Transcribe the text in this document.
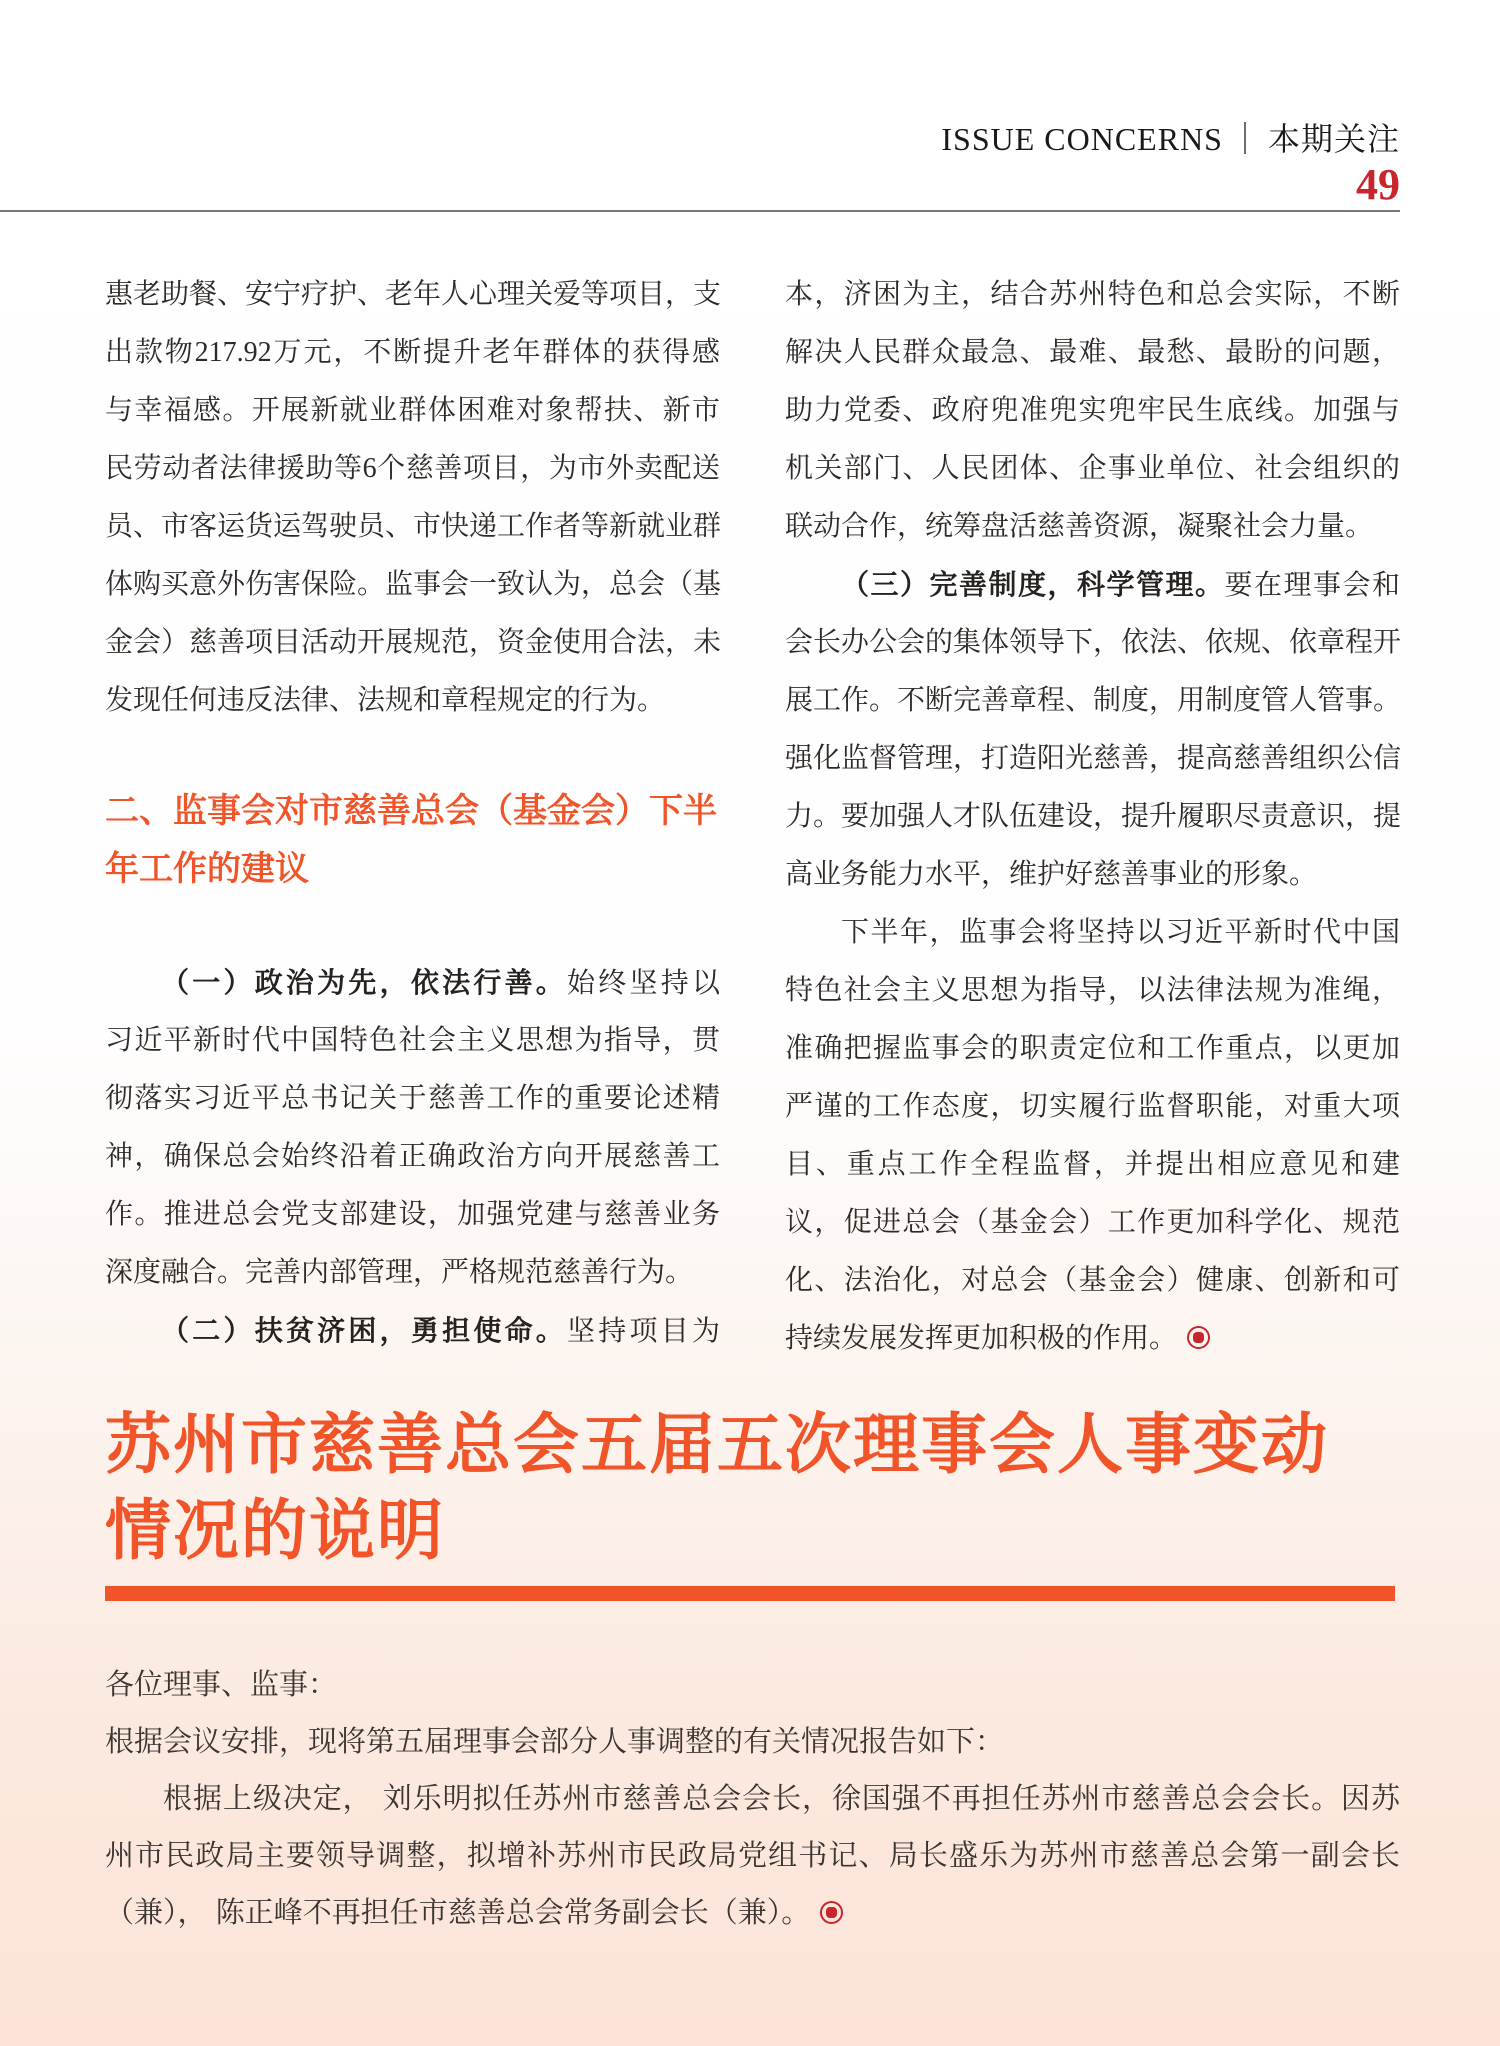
ISSUE CONCERNS ｜ 本期关注
49
惠老助餐、安宁疗护、老年人心理关爱等项目，支
出款物217.92万元，不断提升老年群体的获得感
与幸福感。开展新就业群体困难对象帮扶、新市
民劳动者法律援助等6个慈善项目，为市外卖配送
员、市客运货运驾驶员、市快递工作者等新就业群
体购买意外伤害保险。监事会一致认为，总会（基
金会）慈善项目活动开展规范，资金使用合法，未
发现任何违反法律、法规和章程规定的行为。
二、监事会对市慈善总会（基金会）下半
年工作的建议
（一）政治为先，依法行善。始终坚持以
习近平新时代中国特色社会主义思想为指导，贯
彻落实习近平总书记关于慈善工作的重要论述精
神，确保总会始终沿着正确政治方向开展慈善工
作。推进总会党支部建设，加强党建与慈善业务
深度融合。完善内部管理，严格规范慈善行为。
（二）扶贫济困，勇担使命。坚持项目为
本，济困为主，结合苏州特色和总会实际，不断
解决人民群众最急、最难、最愁、最盼的问题，
助力党委、政府兜准兜实兜牢民生底线。加强与
机关部门、人民团体、企事业单位、社会组织的
联动合作，统筹盘活慈善资源，凝聚社会力量。
（三）完善制度，科学管理。要在理事会和
会长办公会的集体领导下，依法、依规、依章程开
展工作。不断完善章程、制度，用制度管人管事。
强化监督管理，打造阳光慈善，提高慈善组织公信
力。要加强人才队伍建设，提升履职尽责意识，提
高业务能力水平，维护好慈善事业的形象。
下半年，监事会将坚持以习近平新时代中国
特色社会主义思想为指导，以法律法规为准绳，
准确把握监事会的职责定位和工作重点，以更加
严谨的工作态度，切实履行监督职能，对重大项
目、重点工作全程监督，并提出相应意见和建
议，促进总会（基金会）工作更加科学化、规范
化、法治化，对总会（基金会）健康、创新和可
持续发展发挥更加积极的作用。
苏州市慈善总会五届五次理事会人事变动
情况的说明
各位理事、监事：
根据会议安排，现将第五届理事会部分人事调整的有关情况报告如下：
根据上级决定， 刘乐明拟任苏州市慈善总会会长，徐国强不再担任苏州市慈善总会会长。因苏
州市民政局主要领导调整，拟增补苏州市民政局党组书记、局长盛乐为苏州市慈善总会第一副会长
（兼）， 陈正峰不再担任市慈善总会常务副会长（兼）。
